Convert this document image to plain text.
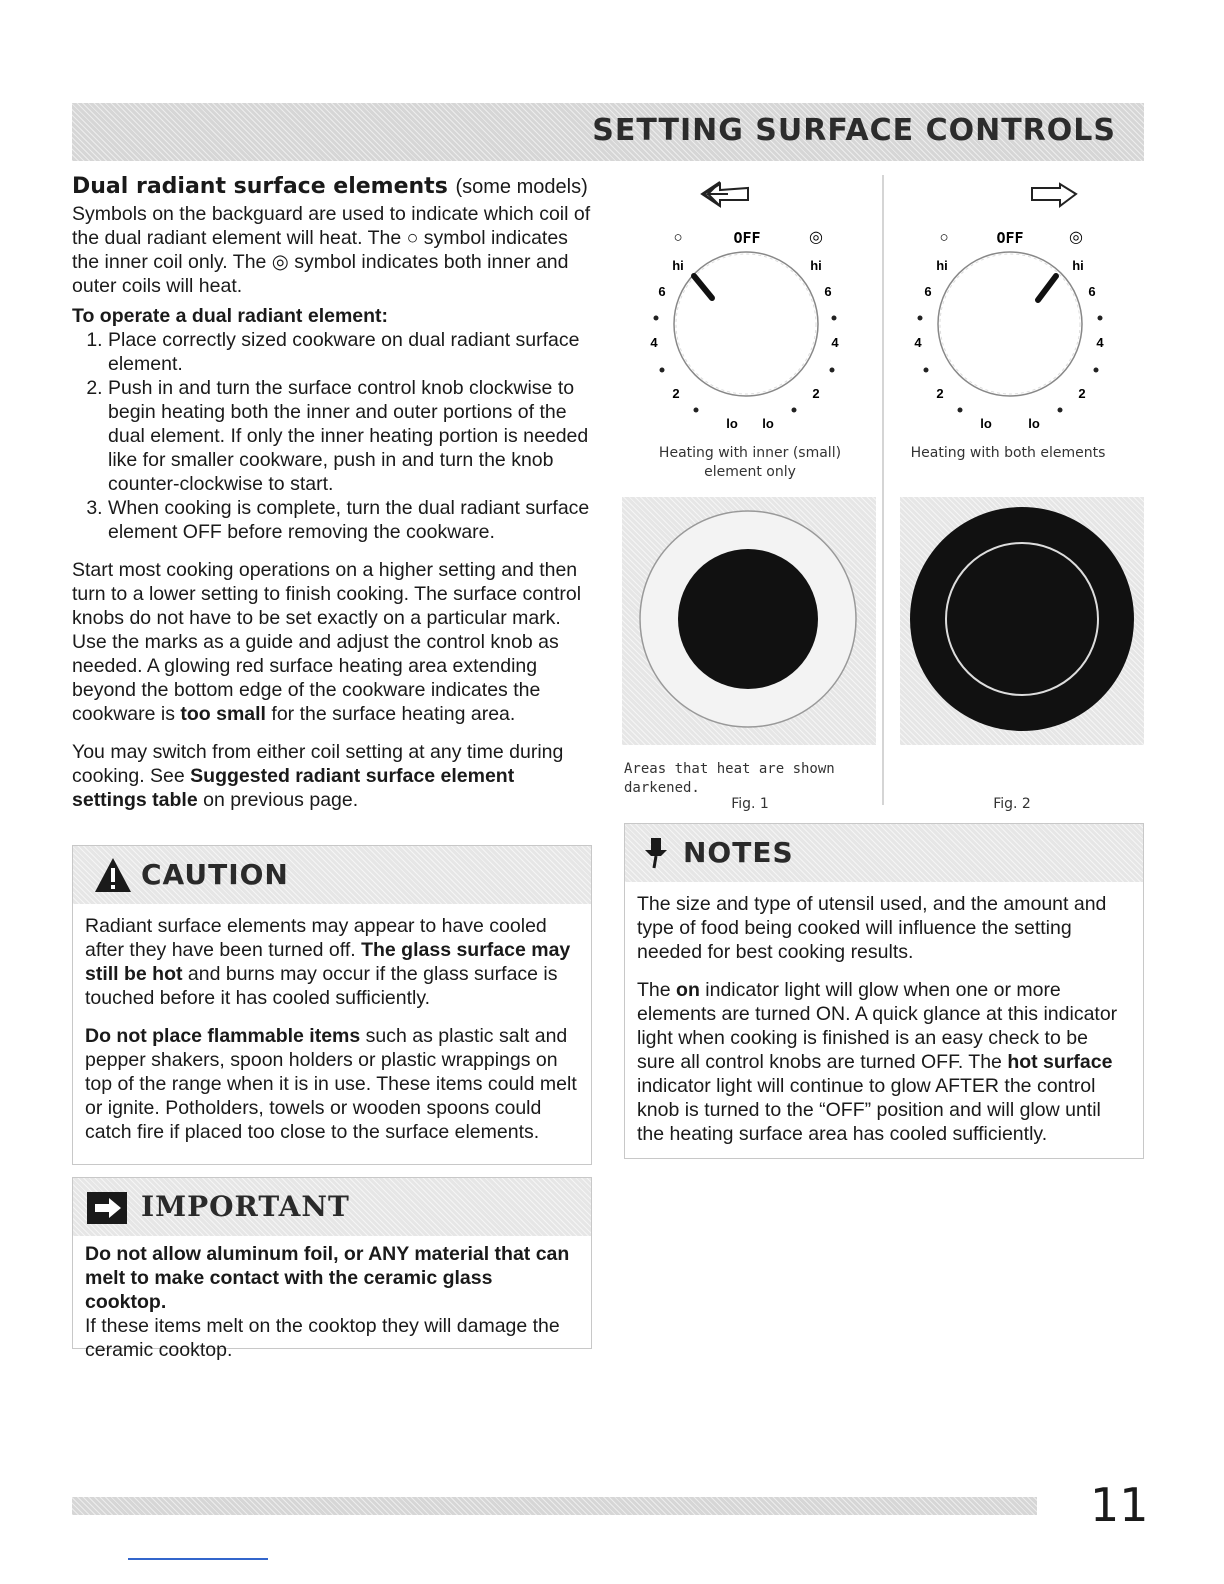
SETTING SURFACE CONTROLS

Dual radiant surface elements (some models)

Symbols on the backguard are used to indicate which coil of the dual radiant element will heat. The ○ symbol indicates the inner coil only. The ◎ symbol indicates both inner and outer coils will heat.

To operate a dual radiant element:

1. Place correctly sized cookware on dual radiant surface element.
2. Push in and turn the surface control knob clockwise to begin heating both the inner and outer portions of the dual element. If only the inner heating portion is needed like for smaller cookware, push in and turn the knob counter-clockwise to start.
3. When cooking is complete, turn the dual radiant surface element OFF before removing the cookware.

Start most cooking operations on a higher setting and then turn to a lower setting to finish cooking. The surface control knobs do not have to be set exactly on a particular mark. Use the marks as a guide and adjust the control knob as needed. A glowing red surface heating area extending beyond the bottom edge of the cookware indicates the cookware is too small for the surface heating area.

You may switch from either coil setting at any time during cooking. See Suggested radiant surface element settings table on previous page.

○	OFF	◎
hi	hi
6	6
4	4
2	2
lo lo
Heating with inner (small) element only
○	OFF	◎
hi	hi
6	6
4	4
2	2
lo	lo
Heating with both elements
Areas that heat are shown darkened.
Fig. 1	Fig. 2
CAUTION

Radiant surface elements may appear to have cooled after they have been turned off. The glass surface may still be hot and burns may occur if the glass surface is touched before it has cooled sufficiently.

Do not place flammable items such as plastic salt and pepper shakers, spoon holders or plastic wrappings on top of the range when it is in use. These items could melt or ignite. Potholders, towels or wooden spoons could catch fire if placed too close to the surface elements.

IMPORTANT

Do not allow aluminum foil, or ANY material that can melt to make contact with the ceramic glass cooktop.

If these items melt on the cooktop they will damage the ceramic cooktop.

NOTES

The size and type of utensil used, and the amount and type of food being cooked will influence the setting needed for best cooking results.

The on indicator light will glow when one or more elements are turned ON. A quick glance at this indicator light when cooking is finished is an easy check to be sure all control knobs are turned OFF. The hot surface indicator light will continue to glow AFTER the control knob is turned to the “OFF” position and will glow until the heating surface area has cooled sufficiently.

11
